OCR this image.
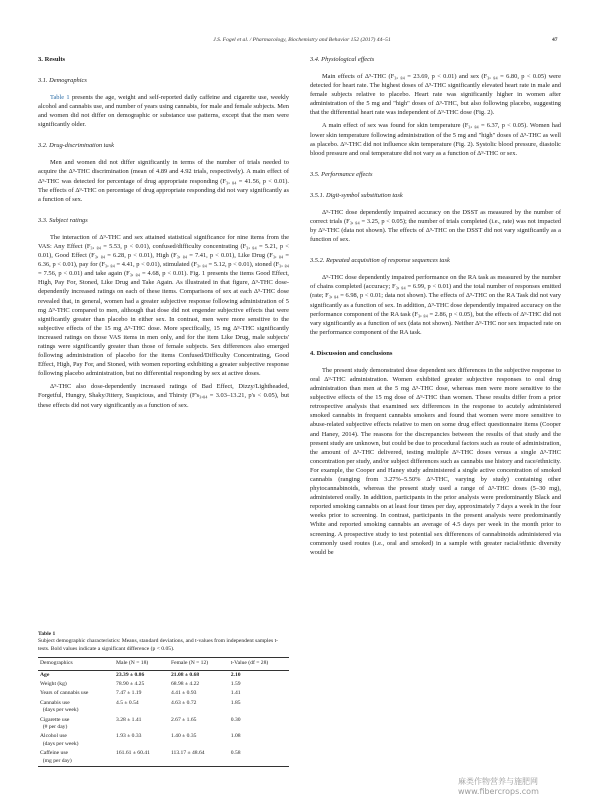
J.S. Fogel et al. / Pharmacology, Biochemistry and Behavior 152 (2017) 44–51	47
3. Results
3.1. Demographics

Table 1 presents the age, weight and self-reported daily caffeine and cigarette use, weekly alcohol and cannabis use, and number of years using cannabis, for male and female subjects. Men and women did not differ on demographic or substance use patterns, except that the men were significantly older.

3.2. Drug-discrimination task

Men and women did not differ significantly in terms of the number of trials needed to acquire the Δ⁹-THC discrimination (mean of 4.89 and 4.92 trials, respectively). A main effect of Δ⁹-THC was detected for percentage of drug appropriate responding (F₃, ₈₄ = 41.56, p < 0.01). The effects of Δ⁹-THC on percentage of drug appropriate responding did not vary significantly as a function of sex.

3.3. Subject ratings

The interaction of Δ⁹-THC and sex attained statistical significance for nine items from the VAS: Any Effect (F₃, ₈₄ = 5.53, p < 0.01), confused/difficulty concentrating (F₃, ₈₄ = 5.21, p < 0.01), Good Effect (F₃, ₈₄ = 6.28, p < 0.01), High (F₃, ₈₄ = 7.41, p < 0.01), Like Drug (F₃, ₈₄ = 6.36, p < 0.01), pay for (F₃, ₈₄ = 4.41, p < 0.01), stimulated (F₃, ₈₄ = 5.12, p < 0.01), stoned (F₃, ₈₄ = 7.56, p < 0.01) and take again (F₃, ₈₄ = 4.68, p < 0.01). Fig. 1 presents the items Good Effect, High, Pay For, Stoned, Like Drug and Take Again. As illustrated in that figure, Δ⁹-THC dose-dependently increased ratings on each of these items. Comparisons of sex at each Δ⁹-THC dose revealed that, in general, women had a greater subjective response following administration of 5 mg Δ⁹-THC compared to men, although that dose did not engender subjective effects that were significantly greater than placebo in either sex. In contrast, men were more sensitive to the subjective effects of the 15 mg Δ⁹-THC dose. More specifically, 15 mg Δ⁹-THC significantly increased ratings on those VAS items in men only, and for the item Like Drug, male subjects' ratings were significantly greater than those of female subjects. Sex differences also emerged following administration of placebo for the items Confused/Difficulty Concentrating, Good Effect, High, Pay For, and Stoned, with women reporting exhibiting a greater subjective response following placebo administration, but no differential responding by sex at active doses.

Δ⁹-THC also dose-dependently increased ratings of Bad Effect, Dizzy/Lightheaded, Forgetful, Hungry, Shaky/Jittery, Suspicious, and Thirsty (F's₃,₈₄ = 3.03–13.21, p's < 0.05), but these effects did not vary significantly as a function of sex.

3.4. Physiological effects

Main effects of Δ⁹-THC (F₃, ₈₄ = 23.69, p < 0.01) and sex (F₃, ₈₄ = 6.80, p < 0.05) were detected for heart rate. The highest doses of Δ⁹-THC significantly elevated heart rate in male and female subjects relative to placebo. Heart rate was significantly higher in women after administration of the 5 mg and "high" doses of Δ⁹-THC, but also following placebo, suggesting that the differential heart rate was independent of Δ⁹-THC dose (Fig. 2).

A main effect of sex was found for skin temperature (F₃, ₈₄ = 6.37, p < 0.05). Women had lower skin temperature following administration of the 5 mg and "high" doses of Δ⁹-THC as well as placebo. Δ⁹-THC did not influence skin temperature (Fig. 2). Systolic blood pressure, diastolic blood pressure and oral temperature did not vary as a function of Δ⁹-THC or sex.

3.5. Performance effects
3.5.1. Digit-symbol substitution task

Δ⁹-THC dose dependently impaired accuracy on the DSST as measured by the number of correct trials (F₃, ₈₄ = 3.25, p < 0.05); the number of trials completed (i.e., rate) was not impacted by Δ⁹-THC (data not shown). The effects of Δ⁹-THC on the DSST did not vary significantly as a function of sex.

3.5.2. Repeated acquisition of response sequences task

Δ⁹-THC dose dependently impaired performance on the RA task as measured by the number of chains completed (accuracy; F₃, ₈₄ = 6.99, p < 0.01) and the total number of responses emitted (rate; F₃, ₈₄ = 6.98, p < 0.01; data not shown). The effects of Δ⁹-THC on the RA Task did not vary significantly as a function of sex. In addition, Δ⁹-THC dose dependently impaired accuracy on the performance component of the RA task (F₃, ₈₄ = 2.86, p < 0.05), but the effects of Δ⁹-THC did not vary significantly as a function of sex (data not shown). Neither Δ⁹-THC nor sex impacted rate on the performance component of the RA task.

4. Discussion and conclusions

The present study demonstrated dose dependent sex differences in the subjective response to oral Δ⁹-THC administration. Women exhibited greater subjective responses to oral drug administration than men at the 5 mg Δ⁹-THC dose, whereas men were more sensitive to the subjective effects of the 15 mg dose of Δ⁹-THC than women. These results differ from a prior retrospective analysis that examined sex differences in the response to acutely administered smoked cannabis in frequent cannabis smokers and found that women were more sensitive to abuse-related subjective effects relative to men on some drug effect questionnaire items (Cooper and Haney, 2014). The reasons for the discrepancies between the results of that study and the present study are unknown, but could be due to procedural factors such as route of administration, the amount of Δ⁹-THC delivered, testing multiple Δ⁹-THC doses versus a single Δ⁹-THC concentration per study, and/or subject differences such as cannabis use history and race/ethnicity. For example, the Cooper and Haney study administered a single active concentration of smoked cannabis (ranging from 3.27%–5.50% Δ⁹-THC, varying by study) containing other phytocannabinoids, whereas the present study used a range of Δ⁹-THC doses (5–30 mg), administered orally. In addition, participants in the prior analysis were predominantly Black and reported smoking cannabis on at least four times per day, approximately 7 days a week in the four weeks prior to screening. In contrast, participants in the present analysis were predominantly White and reported smoking cannabis an average of 4.5 days per week in the month prior to screening. A prospective study to test potential sex differences of cannabinoids administered via commonly used routes (i.e., oral and smoked) in a sample with greater racial/ethnic diversity would be

Table 1
Subject demographic characteristics: Means, standard deviations, and t-values from independent samples t-tests. Bold values indicate a significant difference (p < 0.05).
Demographics	Male (N = 18)	Female (N = 12)	t-Value (df = 28)
Age	23.39 ± 0.86	21.08 ± 0.68	2.10
Weight (kg)	78.90 ± 4.25	68.98 ± 4.22	1.59
Years of cannabis use	7.47 ± 1.19	4.41 ± 0.93	1.41
Cannabis use
(days per week)	4.5 ± 0.54	4.63 ± 0.72	1.85
Cigarette use
(# per day)	3.28 ± 1.41	2.67 ± 1.65	0.30
Alcohol use
(days per week)	1.93 ± 0.33	1.40 ± 0.35	1.08
Caffeine use
(mg per day)	161.61 ± 60.41	113.17 ± 48.64	0.58
麻类作物营养与施肥网 www.fibercrops.com
